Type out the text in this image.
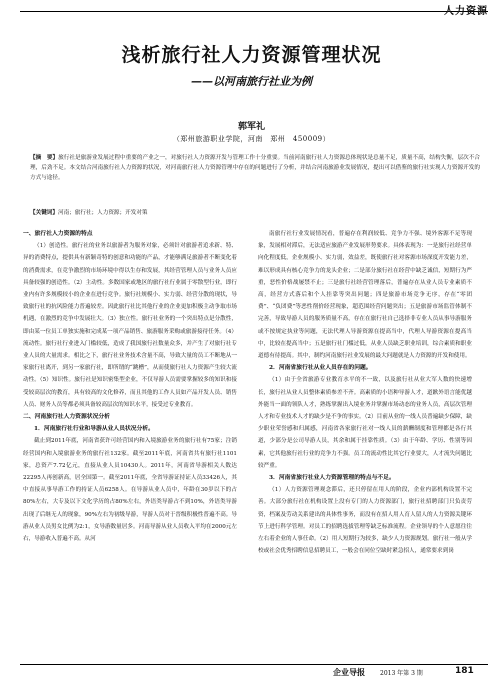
人力资源
浅析旅行社人力资源管理状况
——以河南旅行社业为例
郭军礼
（郑州旅游职业学院，河南　郑州　450009）
【摘　要】旅行社是旅游业发展过程中重要的产业之一，对旅行社人力资源开发与管理工作十分重要。当前河南旅行社人力资源总体现状是总量不足，质量不高，结构失衡，层次不合理，后劲不足。本文结合河南旅行社人力资源的状况，对河南旅行社人力资源管理中存在的问题进行了分析，并结合河南旅游业发展情况，提出可以借鉴的旅行社实现人力资源开发的方式与途径。
【关键词】河南；旅行社；人力资源；开发对策
一、旅行社人力资源的特点

（1）创造性。旅行社的业务以旅游者为服务对象，必须针对旅游者追求新、特、异的消费特点，提供具有新颖奇特的创意和功能的产品，才能够满足旅游者不断变化着的消费需求，在竞争激烈的市场环境中得以生存和发展，其经营管理人员与业务人员应具备较强的创造性。（2）主动性。多数国家或地区的旅行社行业属于零散型行业，即行业内有许多规模较小的企业在进行竞争。旅行社规模小、实力弱、经营分散的现状，导致旅行社的抗风险能力普遍较差。因此旅行社比其他行业的企业更加积极主动争取市场机遇，在激烈的竞争中发展壮大。（3）独立性。旅行社业务的一个突出特点是分散性，即由某一位员工单独实施和完成某一项产品销售、旅游服务采购或旅游接待任务。（4）流动性。旅行社行业进入门槛较低，造成了我国旅行社数量众多，并产生了对旅行社专业人员的大量需求。相比之下，旅行社业务技术含量不高，导致大量的员工不断地从一家旅行社离开，到另一家旅行社，即所谓的“跳槽”，从而使旅行社人力资源产生较大流动性。（5）知识性。旅行社是知识密集型企业，不仅导游人员需要掌握较多的知识和接受较高层次的教育，具有较高的文化修养，而且其他的工作人员如产品开发人员、销售人员、财务人员等都必须具备较高层次的知识水平，接受过专业教育。

二、河南旅行社人力资源状况分析
1．河南旅行社行业和导游从业人员状况分析。

截止到2011年底，河南省获许可经营国内和入境旅游业务的旅行社有75家；注销经营国内和入境旅游业务的旅行社132家。截至2011年底，河南省共有旅行社1101家，总资产7.72亿元，直接从业人员10430人。2011年，河南省导游相关人数达22295人再创新高，居全国第一。截至2011年底，全省导游证持证人员33426人，其中直接从事导游工作的持证人员6258人。在导游从业人员中，年龄在30岁以下的占80%左右，大专及以下文化学历的占80%左右，外语类导游占不到10%，外语类导游出现了后继无人的现象，90%左右为初级导游，导游人员对于晋级积极性普遍不高。导游从业人员男女比例为2:1，女导游数量居多。河南导游从业人员收入平均在2000元左右，导游收入普遍不高。从河

南旅行社行业发展情况看，普遍存在利润较低、竞争力不强、境外客源不足等现象，发展相对滞后，无法适应旅游产业发展形势要求。具体表现为：一是旅行社经营单向化程度低，企业规模小、实力弱，效益差，既使旅行社对客源市场深度开发能力差，难以形成具有核心竞争力的龙头企业；二是部分旅行社在经营中缺乏诚信，短期行为严重，恶性价格战屡禁不止；三是旅行社经营管理落后，普遍存在从业人员专业素质不高，经营方式落后和个人挂靠等突出问题；四是旅游市场竞争无序，存在“零团费”、“负团费”等恶性削价经营现象，超范围经营问题突出；五是旅游市场监管体制不完善，导致导游人员的服务质量不高，存在在旅行社自己选择非专业人员从事导游服务或不按规定执业等问题，无法代理人导游资源在提高当中，代理人导游资源在提高当中，比较在提高当中；五是旅行社门槛过低，从业人员缺乏职业培训，综合素质和职业道德有待提高。其中，制约河南旅行社业发展的最大问题就是人力资源的开发和使用。

2．河南省旅行社从业人员存在的问题。

（1）由于全省旅游专业教育水平的不一致，以及旅行社从业大军人数的快速增长，旅行社从业人员整体素质参差不齐。高素质的小语种导游人才，道歉外语言能优越外能当一面的领队人才，熟练掌握出入境业务并掌握市场动态的业务人员，高层次管理人才和专业技术人才的缺少是不争的事实。（2）目前从业的一线人员普遍缺少保障，缺少职业荣誉感和归属感，河南省各家旅行社对一线人员的薪酬制度和管理都是各行其道，少部分是公司导游人员，其余和属于挂靠性质。（3）由于年龄、学历、性别等因素，它其他旅行社行业的竞争力不强。员工的流动性比其它行业要大，人才流失问题比较严重。

3．河南省旅行社业人力资源管理的特点与不足。

（1）人力资源管理观念滞后，还只停留在用人的阶段，企业内部机构设置不完善。大部分旅行社在机构设置上没有专门的人力资源部门，旅行社招聘部门只负责劳资，档案及劳动关系建出的具体性事务，而没有在招人用人育人留人的人力资源关键环节上进行科学管理。对员工的招聘选拔管理等缺乏标准流程。企业领导的个人意愿往往左右着企业的人事任命。（2）用人短期行为较多，缺少人力资源规划。旅行社一般从学校或社会优秀招聘信息招聘员工，一般会在同位空缺时紧急招人，通常要求到岗

企业导报	2013 年第 3 期	181
